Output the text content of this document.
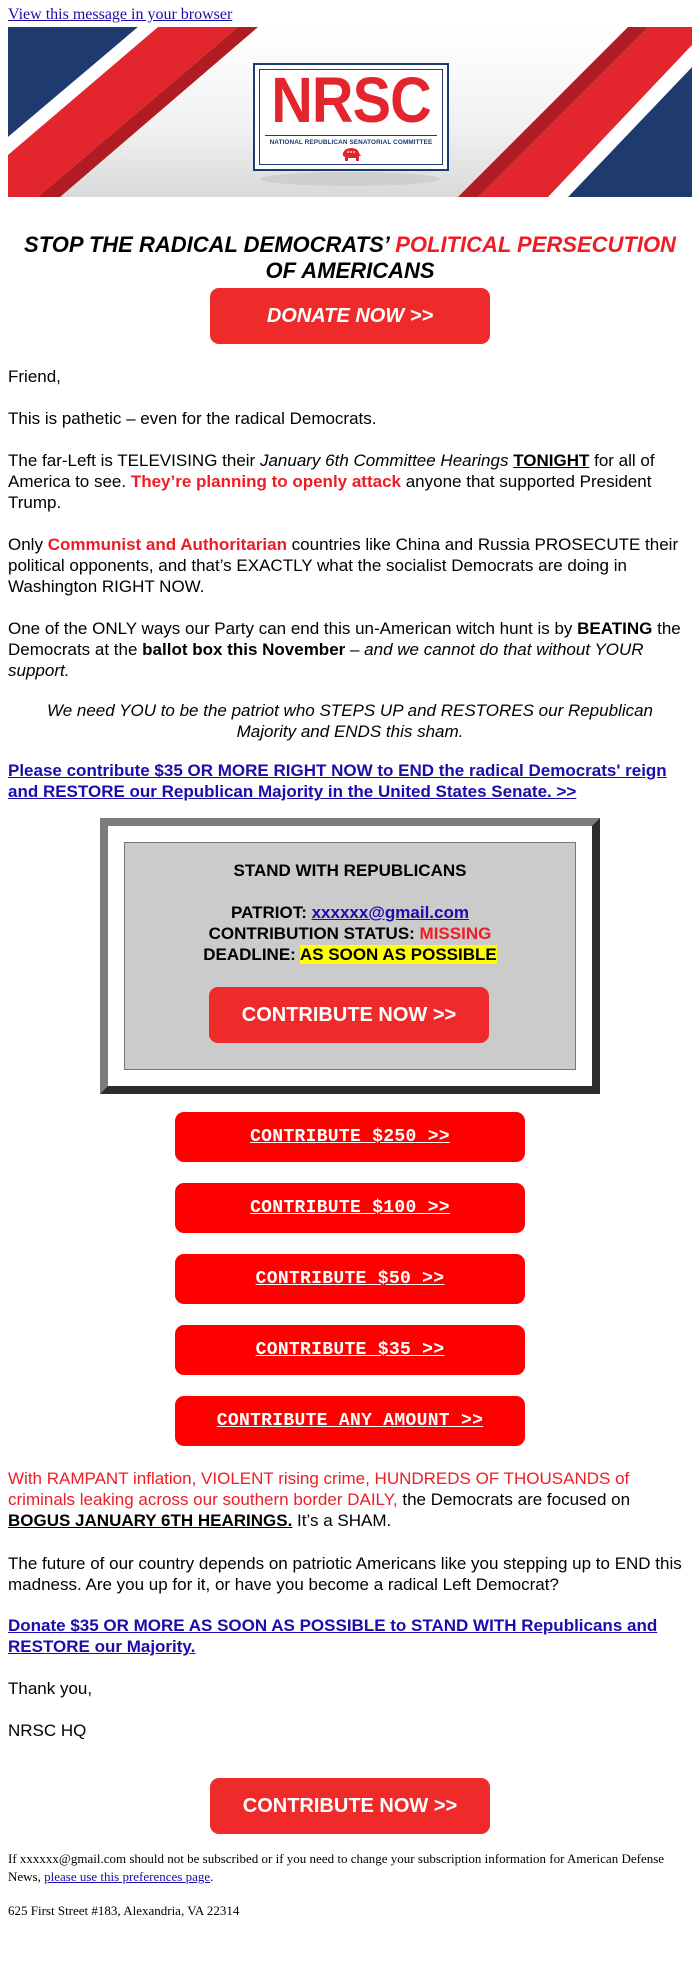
View this message in your browser
NRSC
NATIONAL REPUBLICAN SENATORIAL COMMITTEE
STOP THE RADICAL DEMOCRATS’ POLITICAL PERSECUTION
OF AMERICANS
DONATE NOW >>
Friend,
This is pathetic – even for the radical Democrats.
The far-Left is TELEVISING their January 6th Committee Hearings TONIGHT for all of America to see. They’re planning to openly attack anyone that supported President Trump.
Only Communist and Authoritarian countries like China and Russia PROSECUTE their political opponents, and that’s EXACTLY what the socialist Democrats are doing in Washington RIGHT NOW.
One of the ONLY ways our Party can end this un-American witch hunt is by BEATING the Democrats at the ballot box this November – and we cannot do that without YOUR support.
We need YOU to be the patriot who STEPS UP and RESTORES our Republican Majority and ENDS this sham.
Please contribute $35 OR MORE RIGHT NOW to END the radical Democrats' reign and RESTORE our Republican Majority in the United States Senate. >>
STAND WITH REPUBLICANS
PATRIOT: xxxxxx@gmail.com
CONTRIBUTION STATUS: MISSING
DEADLINE: AS SOON AS POSSIBLE
CONTRIBUTE NOW >>
CONTRIBUTE $250 >>
CONTRIBUTE $100 >>
CONTRIBUTE $50 >>
CONTRIBUTE $35 >>
CONTRIBUTE ANY AMOUNT >>
With RAMPANT inflation, VIOLENT rising crime, HUNDREDS OF THOUSANDS of criminals leaking across our southern border DAILY, the Democrats are focused on BOGUS JANUARY 6TH HEARINGS. It’s a SHAM.
The future of our country depends on patriotic Americans like you stepping up to END this madness. Are you up for it, or have you become a radical Left Democrat?
Donate $35 OR MORE AS SOON AS POSSIBLE to STAND WITH Republicans and RESTORE our Majority.
Thank you,
NRSC HQ
CONTRIBUTE NOW >>
If xxxxxx@gmail.com should not be subscribed or if you need to change your subscription information for American Defense News, please use this preferences page.
625 First Street #183, Alexandria, VA 22314
